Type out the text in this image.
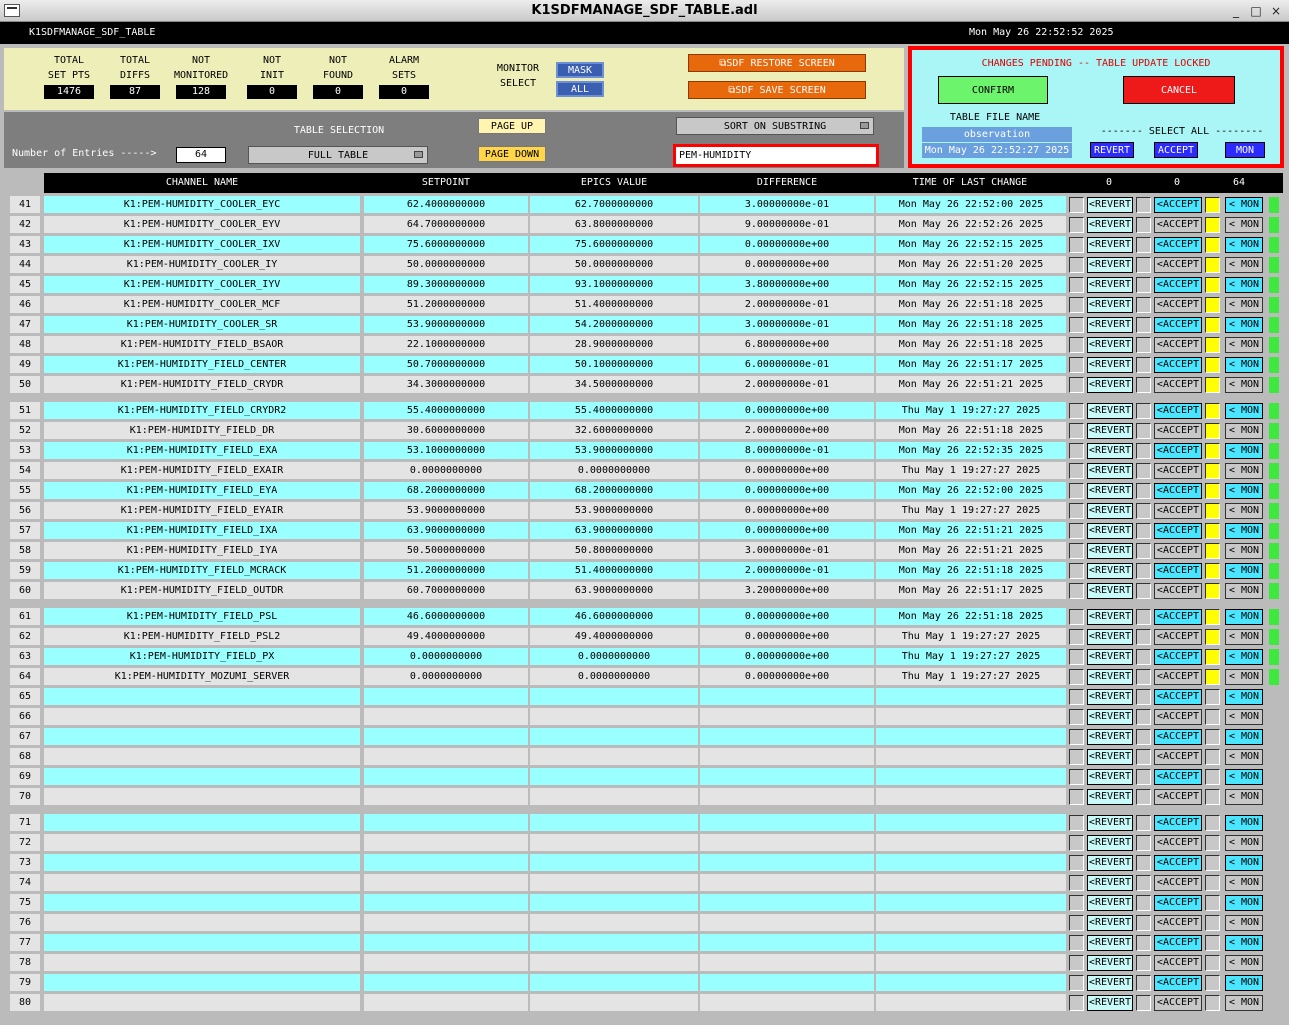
K1SDFMANAGE_SDF_TABLE.adl	_ □ ×
K1SDFMANAGE_SDF_TABLE	Mon May 26 22:52:52 2025
TOTAL
SET PTS
1476
TOTAL
DIFFS
87
NOT
MONITORED
128
NOT
INIT
0
NOT
FOUND
0
ALARM
SETS
0
MONITOR
SELECT
MASK
ALL
⧉ SDF RESTORE SCREEN
⧉ SDF SAVE SCREEN
Number of Entries ----->	64
TABLE SELECTION
FULL TABLE
PAGE UP
PAGE DOWN
SORT ON SUBSTRING
PEM-HUMIDITY
CHANGES PENDING -- TABLE UPDATE LOCKED
CONFIRM	CANCEL
TABLE FILE NAME
observation
Mon May 26 22:52:27 2025
------- SELECT ALL --------
REVERT	ACCEPT	MON
CHANNEL NAME	SETPOINT	EPICS VALUE	DIFFERENCE	TIME OF LAST CHANGE	0	0	64
41	K1:PEM-HUMIDITY_COOLER_EYC	62.4000000000	62.7000000000	3.00000000e-01	Mon May 26 22:52:00 2025	<REVERT	<ACCEPT	< MON
42	K1:PEM-HUMIDITY_COOLER_EYV	64.7000000000	63.8000000000	9.00000000e-01	Mon May 26 22:52:26 2025	<REVERT	<ACCEPT	< MON
43	K1:PEM-HUMIDITY_COOLER_IXV	75.6000000000	75.6000000000	0.00000000e+00	Mon May 26 22:52:15 2025	<REVERT	<ACCEPT	< MON
44	K1:PEM-HUMIDITY_COOLER_IY	50.0000000000	50.0000000000	0.00000000e+00	Mon May 26 22:51:20 2025	<REVERT	<ACCEPT	< MON
45	K1:PEM-HUMIDITY_COOLER_IYV	89.3000000000	93.1000000000	3.80000000e+00	Mon May 26 22:52:15 2025	<REVERT	<ACCEPT	< MON
46	K1:PEM-HUMIDITY_COOLER_MCF	51.2000000000	51.4000000000	2.00000000e-01	Mon May 26 22:51:18 2025	<REVERT	<ACCEPT	< MON
47	K1:PEM-HUMIDITY_COOLER_SR	53.9000000000	54.2000000000	3.00000000e-01	Mon May 26 22:51:18 2025	<REVERT	<ACCEPT	< MON
48	K1:PEM-HUMIDITY_FIELD_BSAOR	22.1000000000	28.9000000000	6.80000000e+00	Mon May 26 22:51:18 2025	<REVERT	<ACCEPT	< MON
49	K1:PEM-HUMIDITY_FIELD_CENTER	50.7000000000	50.1000000000	6.00000000e-01	Mon May 26 22:51:17 2025	<REVERT	<ACCEPT	< MON
50	K1:PEM-HUMIDITY_FIELD_CRYDR	34.3000000000	34.5000000000	2.00000000e-01	Mon May 26 22:51:21 2025	<REVERT	<ACCEPT	< MON
51	K1:PEM-HUMIDITY_FIELD_CRYDR2	55.4000000000	55.4000000000	0.00000000e+00	Thu May 1 19:27:27 2025	<REVERT	<ACCEPT	< MON
52	K1:PEM-HUMIDITY_FIELD_DR	30.6000000000	32.6000000000	2.00000000e+00	Mon May 26 22:51:18 2025	<REVERT	<ACCEPT	< MON
53	K1:PEM-HUMIDITY_FIELD_EXA	53.1000000000	53.9000000000	8.00000000e-01	Mon May 26 22:52:35 2025	<REVERT	<ACCEPT	< MON
54	K1:PEM-HUMIDITY_FIELD_EXAIR	0.0000000000	0.0000000000	0.00000000e+00	Thu May 1 19:27:27 2025	<REVERT	<ACCEPT	< MON
55	K1:PEM-HUMIDITY_FIELD_EYA	68.2000000000	68.2000000000	0.00000000e+00	Mon May 26 22:52:00 2025	<REVERT	<ACCEPT	< MON
56	K1:PEM-HUMIDITY_FIELD_EYAIR	53.9000000000	53.9000000000	0.00000000e+00	Thu May 1 19:27:27 2025	<REVERT	<ACCEPT	< MON
57	K1:PEM-HUMIDITY_FIELD_IXA	63.9000000000	63.9000000000	0.00000000e+00	Mon May 26 22:51:21 2025	<REVERT	<ACCEPT	< MON
58	K1:PEM-HUMIDITY_FIELD_IYA	50.5000000000	50.8000000000	3.00000000e-01	Mon May 26 22:51:21 2025	<REVERT	<ACCEPT	< MON
59	K1:PEM-HUMIDITY_FIELD_MCRACK	51.2000000000	51.4000000000	2.00000000e-01	Mon May 26 22:51:18 2025	<REVERT	<ACCEPT	< MON
60	K1:PEM-HUMIDITY_FIELD_OUTDR	60.7000000000	63.9000000000	3.20000000e+00	Mon May 26 22:51:17 2025	<REVERT	<ACCEPT	< MON
61	K1:PEM-HUMIDITY_FIELD_PSL	46.6000000000	46.6000000000	0.00000000e+00	Mon May 26 22:51:18 2025	<REVERT	<ACCEPT	< MON
62	K1:PEM-HUMIDITY_FIELD_PSL2	49.4000000000	49.4000000000	0.00000000e+00	Thu May 1 19:27:27 2025	<REVERT	<ACCEPT	< MON
63	K1:PEM-HUMIDITY_FIELD_PX	0.0000000000	0.0000000000	0.00000000e+00	Thu May 1 19:27:27 2025	<REVERT	<ACCEPT	< MON
64	K1:PEM-HUMIDITY_MOZUMI_SERVER	0.0000000000	0.0000000000	0.00000000e+00	Thu May 1 19:27:27 2025	<REVERT	<ACCEPT	< MON
65	<REVERT	<ACCEPT	< MON
66	<REVERT	<ACCEPT	< MON
67	<REVERT	<ACCEPT	< MON
68	<REVERT	<ACCEPT	< MON
69	<REVERT	<ACCEPT	< MON
70	<REVERT	<ACCEPT	< MON
71	<REVERT	<ACCEPT	< MON
72	<REVERT	<ACCEPT	< MON
73	<REVERT	<ACCEPT	< MON
74	<REVERT	<ACCEPT	< MON
75	<REVERT	<ACCEPT	< MON
76	<REVERT	<ACCEPT	< MON
77	<REVERT	<ACCEPT	< MON
78	<REVERT	<ACCEPT	< MON
79	<REVERT	<ACCEPT	< MON
80	<REVERT	<ACCEPT	< MON
